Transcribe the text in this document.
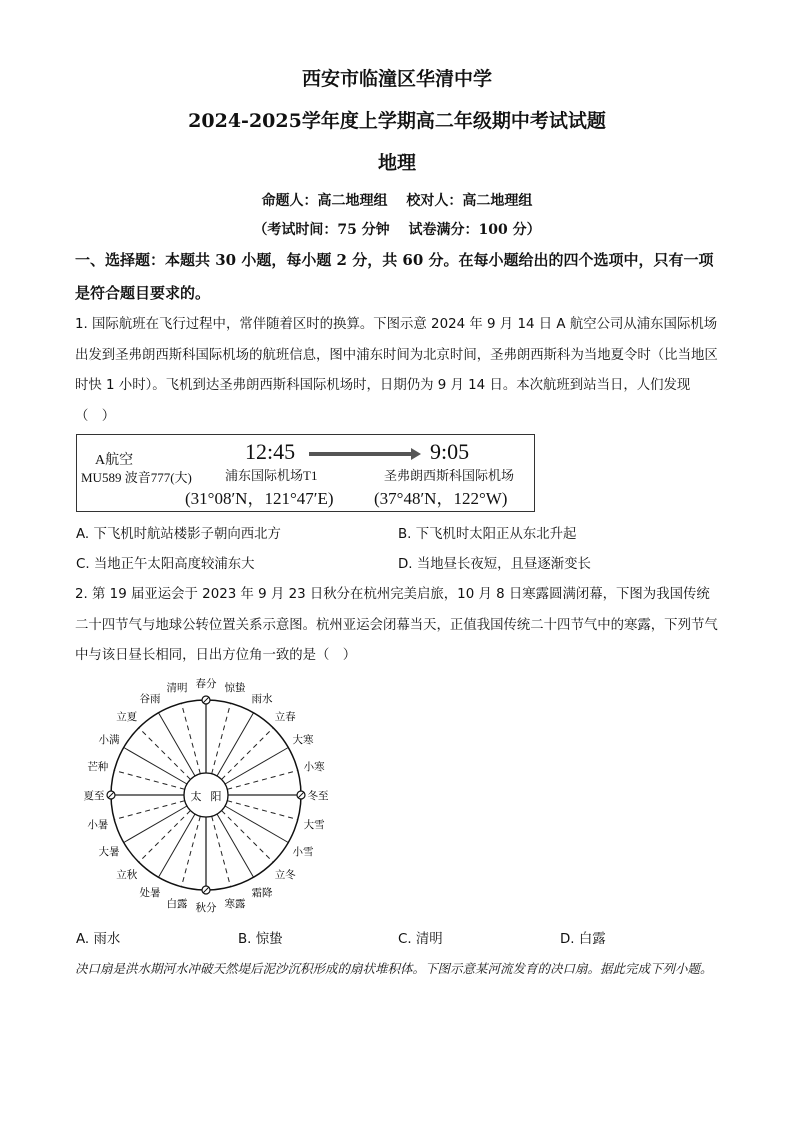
西安市临潼区华清中学
2024-2025学年度上学期高二年级期中考试试题
地理
命题人：高二地理组　 校对人：高二地理组
（考试时间：75 分钟　 试卷满分：100 分）
一、选择题：本题共 30 小题，每小题 2 分，共 60 分。在每小题给出的四个选项中，只有一项是符合题目要求的。
1. 国际航班在飞行过程中，常伴随着区时的换算。下图示意 2024 年 9 月 14 日 A 航空公司从浦东国际机场出发到圣弗朗西斯科国际机场的航班信息，图中浦东时间为北京时间，圣弗朗西斯科为当地夏令时（比当地区时快 1 小时）。飞机到达圣弗朗西斯科国际机场时，日期仍为 9 月 14 日。本次航班到站当日，人们发现（　）
A航空
MU589 波音777(大)
12:45	9:05
浦东国际机场T1	圣弗朗西斯科国际机场
(31°08′N，121°47′E) (37°48′N，122°W)
A. 下飞机时航站楼影子朝向西北方	B. 下飞机时太阳正从东北升起
C. 当地正午太阳高度较浦东大	D. 当地昼长夜短，且昼逐渐变长
2. 第 19 届亚运会于 2023 年 9 月 23 日秋分在杭州完美启旅，10 月 8 日寒露圆满闭幕，下图为我国传统二十四节气与地球公转位置关系示意图。杭州亚运会闭幕当天，正值我国传统二十四节气中的寒露，下列节气中与该日昼长相同，日出方位角一致的是（　）
太 阳
春分 惊蛰
雨水
立春
大寒
小寒
冬至
大雪
小雪
立冬
霜降
寒露
秋分
白露
处暑
立秋
大暑
小暑
夏至
芒种
小满
立夏
谷雨
清明
A. 雨水	B. 惊蛰	C. 清明	D. 白露
决口扇是洪水期河水冲破天然堤后泥沙沉积形成的扇状堆积体。下图示意某河流发育的决口扇。据此完成下列小题。
